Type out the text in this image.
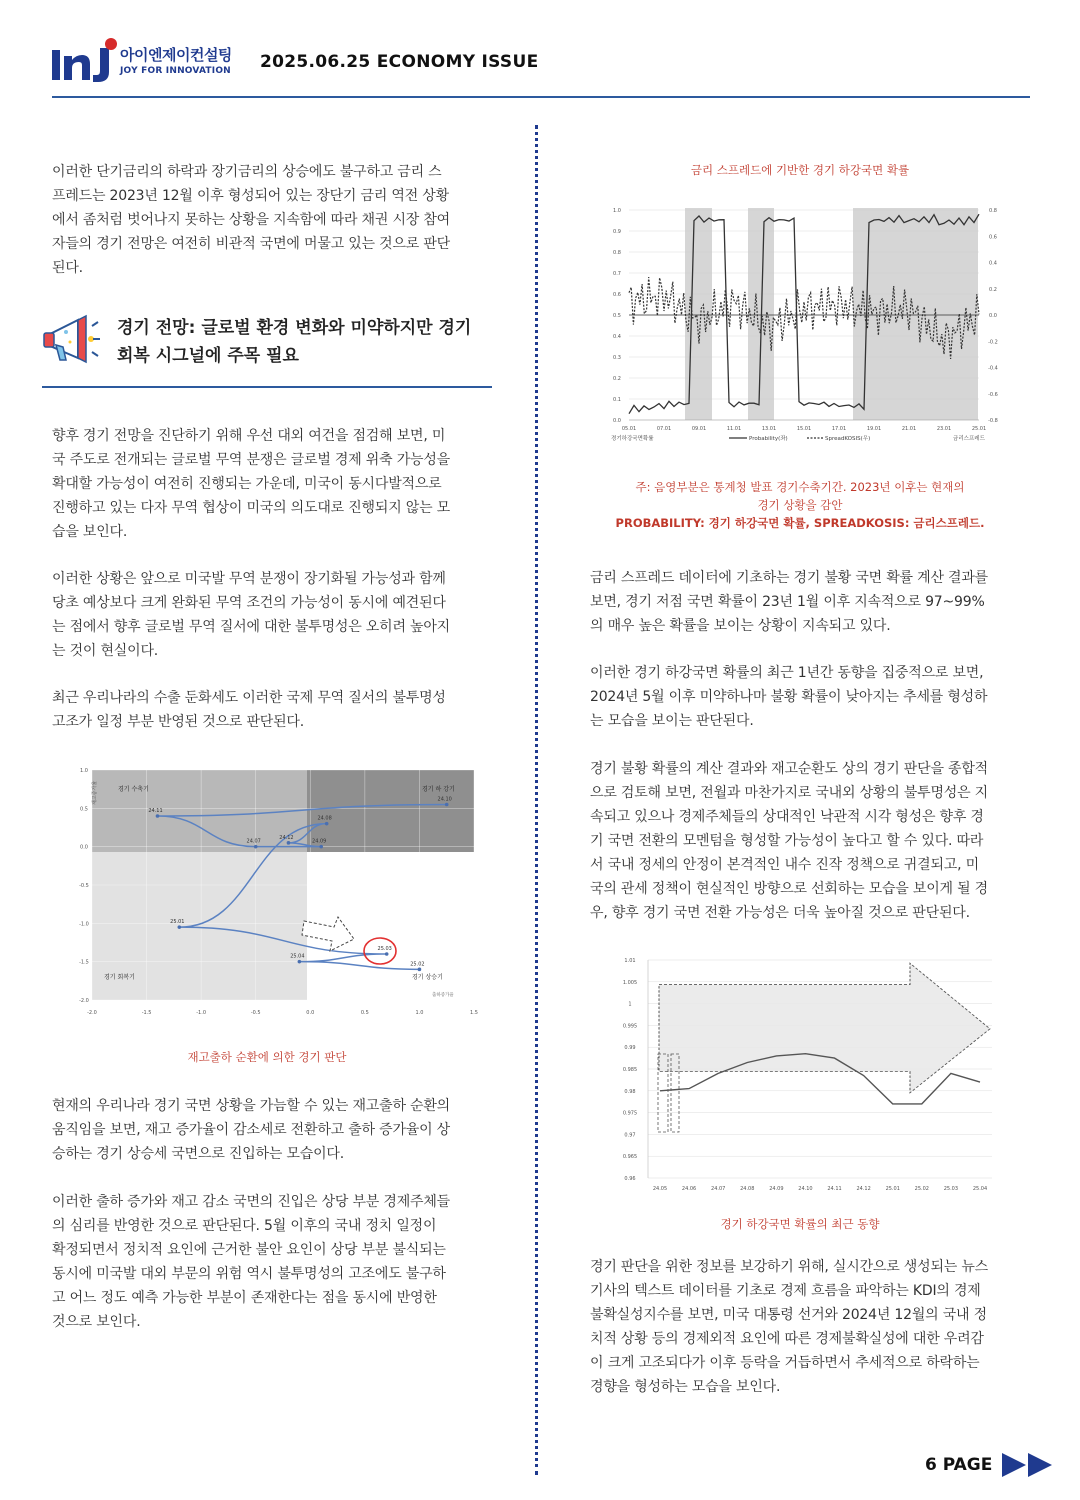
아이엔제이컨설팅
JOY FOR INNOVATION 2025.06.25 ECONOMY ISSUE
이러한 단기금리의 하락과 장기금리의 상승에도 불구하고 금리 스
프레드는 2023년 12월 이후 형성되어 있는 장단기 금리 역전 상황
에서 좀처럼 벗어나지 못하는 상황을 지속함에 따라 채권 시장 참여
자들의 경기 전망은 여전히 비관적 국면에 머물고 있는 것으로 판단
된다.
경기 전망: 글로벌 환경 변화와 미약하지만 경기 회복 시그널에 주목 필요
향후 경기 전망을 진단하기 위해 우선 대외 여건을 점검해 보면, 미
국 주도로 전개되는 글로벌 무역 분쟁은 글로벌 경제 위축 가능성을
확대할 가능성이 여전히 진행되는 가운데, 미국이 동시다발적으로
진행하고 있는 다자 무역 협상이 미국의 의도대로 진행되지 않는 모
습을 보인다.
이러한 상황은 앞으로 미국발 무역 분쟁이 장기화될 가능성과 함께
당초 예상보다 크게 완화된 무역 조건의 가능성이 동시에 예견된다
는 점에서 향후 글로벌 무역 질서에 대한 불투명성은 오히려 높아지
는 것이 현실이다.
최근 우리나라의 수출 둔화세도 이러한 국제 무역 질서의 불투명성
고조가 일정 부분 반영된 것으로 판단된다.
경기 수축기	경기 하 강기
경기 회복기	경기 상승기
출하증가율
재고증가율	24.10
24.11
24.07	24.09
24.12
24.08
25.01
25.03
25.04
25.02
-2.0	-1.5	-1.0	-0.5	0.0	0.5	1.0	1.5
1.0
0.5
0.0
-0.5
-1.0
-1.5
-2.0
재고출하 순환에 의한 경기 판단
현재의 우리나라 경기 국면 상황을 가늠할 수 있는 재고출하 순환의
움직임을 보면, 재고 증가율이 감소세로 전환하고 출하 증가율이 상
승하는 경기 상승세 국면으로 진입하는 모습이다.
이러한 출하 증가와 재고 감소 국면의 진입은 상당 부분 경제주체들
의 심리를 반영한 것으로 판단된다. 5월 이후의 국내 정치 일정이
확정되면서 정치적 요인에 근거한 불안 요인이 상당 부분 불식되는
동시에 미국발 대외 부문의 위험 역시 불투명성의 고조에도 불구하
고 어느 정도 예측 가능한 부분이 존재한다는 점을 동시에 반영한
것으로 보인다.
금리 스프레드에 기반한 경기 하강국면 확률
1.0
0.9
0.8
0.7
0.6
0.5
0.4
0.3
0.2
0.1
0.0
0.8
0.6
0.4
0.2
0.0
-0.2
-0.4
-0.6
-0.8
05.01	07.01	09.01	11.01	13.01	15.01	17.01	19.01	21.01	23.01	25.01
경기하강국면확률	Probability(좌)	SpreadKOSIS(우)	금리스프레드
주: 음영부분은 통계청 발표 경기수축기간. 2023년 이후는 현재의
경기 상황을 감안
PROBABILITY: 경기 하강국면 확률, SPREADKOSIS: 금리스프레드.
금리 스프레드 데이터에 기초하는 경기 불황 국면 확률 계산 결과를
보면, 경기 저점 국면 확률이 23년 1월 이후 지속적으로 97~99%
의 매우 높은 확률을 보이는 상황이 지속되고 있다.
이러한 경기 하강국면 확률의 최근 1년간 동향을 집중적으로 보면,
2024년 5월 이후 미약하나마 불황 확률이 낮아지는 추세를 형성하
는 모습을 보이는 판단된다.
경기 불황 확률의 계산 결과와 재고순환도 상의 경기 판단을 종합적
으로 검토해 보면, 전월과 마찬가지로 국내외 상황의 불투명성은 지
속되고 있으나 경제주체들의 상대적인 낙관적 시각 형성은 향후 경
기 국면 전환의 모멘텀을 형성할 가능성이 높다고 할 수 있다. 따라
서 국내 정세의 안정이 본격적인 내수 진작 정책으로 귀결되고, 미
국의 관세 정책이 현실적인 방향으로 선회하는 모습을 보이게 될 경
우, 향후 경기 국면 전환 가능성은 더욱 높아질 것으로 판단된다.
1.01
1.005
1
0.995
0.99
0.985
0.98
0.975
0.97
0.965
0.96
24.05	24.06	24.07	24.08	24.09	24.10	24.11	24.12	25.01	25.02	25.03	25.04
경기 하강국면 확률의 최근 동향
경기 판단을 위한 정보를 보강하기 위해, 실시간으로 생성되는 뉴스
기사의 텍스트 데이터를 기초로 경제 흐름을 파악하는 KDI의 경제
불확실성지수를 보면, 미국 대통령 선거와 2024년 12월의 국내 정
치적 상황 등의 경제외적 요인에 따른 경제불확실성에 대한 우려감
이 크게 고조되다가 이후 등락을 거듭하면서 추세적으로 하락하는
경향을 형성하는 모습을 보인다.
6 PAGE
